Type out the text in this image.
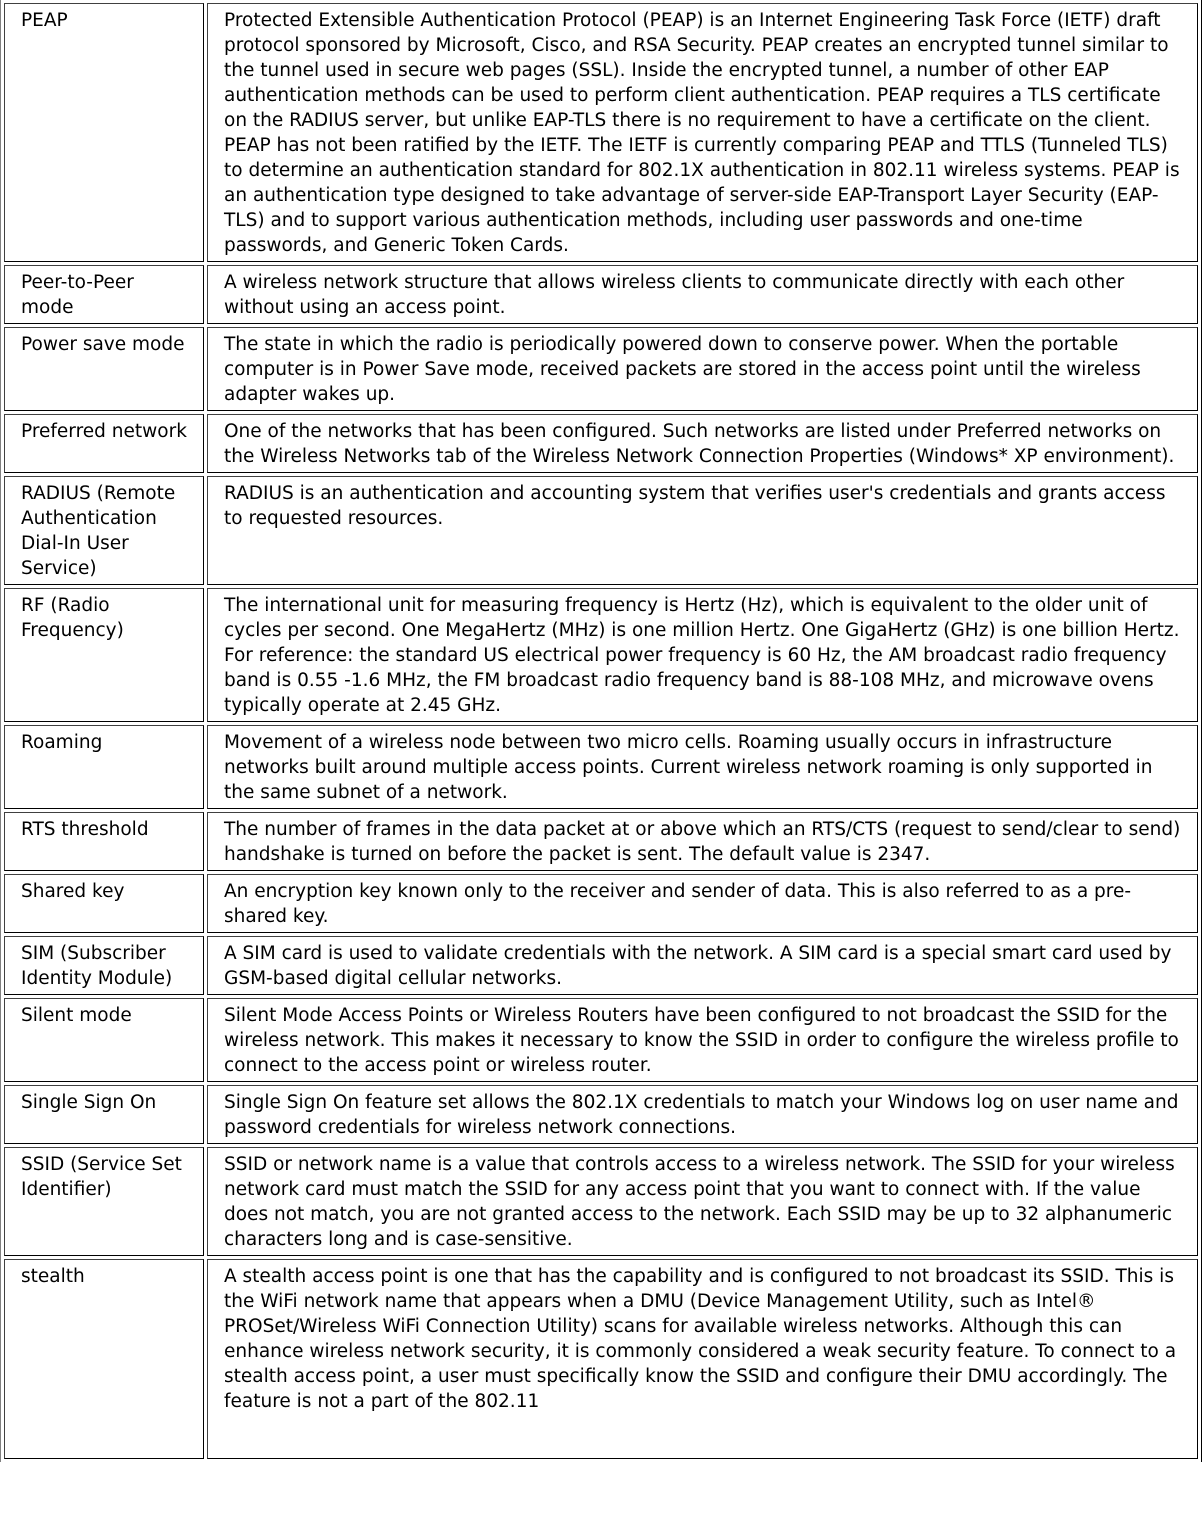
PEAP	Protected Extensible Authentication Protocol (PEAP) is an Internet Engineering Task Force (IETF) draft protocol sponsored by Microsoft, Cisco, and RSA Security. PEAP creates an encrypted tunnel similar to the tunnel used in secure web pages (SSL). Inside the encrypted tunnel, a number of other EAP authentication methods can be used to perform client authentication. PEAP requires a TLS certificate on the RADIUS server, but unlike EAP-TLS there is no requirement to have a certificate on the client. PEAP has not been ratified by the IETF. The IETF is currently comparing PEAP and TTLS (Tunneled TLS) to determine an authentication standard for 802.1X authentication in 802.11 wireless systems. PEAP is an authentication type designed to take advantage of server-side EAP-Transport Layer Security (EAP-TLS) and to support various authentication methods, including user passwords and one-time passwords, and Generic Token Cards.
Peer-to-Peer mode	A wireless network structure that allows wireless clients to communicate directly with each other without using an access point.
Power save mode	The state in which the radio is periodically powered down to conserve power. When the portable computer is in Power Save mode, received packets are stored in the access point until the wireless adapter wakes up.
Preferred network	One of the networks that has been configured. Such networks are listed under Preferred networks on the Wireless Networks tab of the Wireless Network Connection Properties (Windows* XP environment).
RADIUS (Remote Authentication Dial-In User Service)	RADIUS is an authentication and accounting system that verifies user's credentials and grants access to requested resources.
RF (Radio Frequency)	The international unit for measuring frequency is Hertz (Hz), which is equivalent to the older unit of cycles per second. One MegaHertz (MHz) is one million Hertz. One GigaHertz (GHz) is one billion Hertz. For reference: the standard US electrical power frequency is 60 Hz, the AM broadcast radio frequency band is 0.55 -1.6 MHz, the FM broadcast radio frequency band is 88-108 MHz, and microwave ovens typically operate at 2.45 GHz.
Roaming	Movement of a wireless node between two micro cells. Roaming usually occurs in infrastructure networks built around multiple access points. Current wireless network roaming is only supported in the same subnet of a network.
RTS threshold	The number of frames in the data packet at or above which an RTS/CTS (request to send/clear to send) handshake is turned on before the packet is sent. The default value is 2347.
Shared key	An encryption key known only to the receiver and sender of data. This is also referred to as a pre-shared key.
SIM (Subscriber Identity Module)	A SIM card is used to validate credentials with the network. A SIM card is a special smart card used by GSM-based digital cellular networks.
Silent mode	Silent Mode Access Points or Wireless Routers have been configured to not broadcast the SSID for the wireless network. This makes it necessary to know the SSID in order to configure the wireless profile to connect to the access point or wireless router.
Single Sign On	Single Sign On feature set allows the 802.1X credentials to match your Windows log on user name and password credentials for wireless network connections.
SSID (Service Set Identifier)	SSID or network name is a value that controls access to a wireless network. The SSID for your wireless network card must match the SSID for any access point that you want to connect with. If the value does not match, you are not granted access to the network. Each SSID may be up to 32 alphanumeric characters long and is case-sensitive.
stealth	A stealth access point is one that has the capability and is configured to not broadcast its SSID. This is the WiFi network name that appears when a DMU (Device Management Utility, such as Intel® PROSet/Wireless WiFi Connection Utility) scans for available wireless networks. Although this can enhance wireless network security, it is commonly considered a weak security feature. To connect to a stealth access point, a user must specifically know the SSID and configure their DMU accordingly. The feature is not a part of the 802.11
